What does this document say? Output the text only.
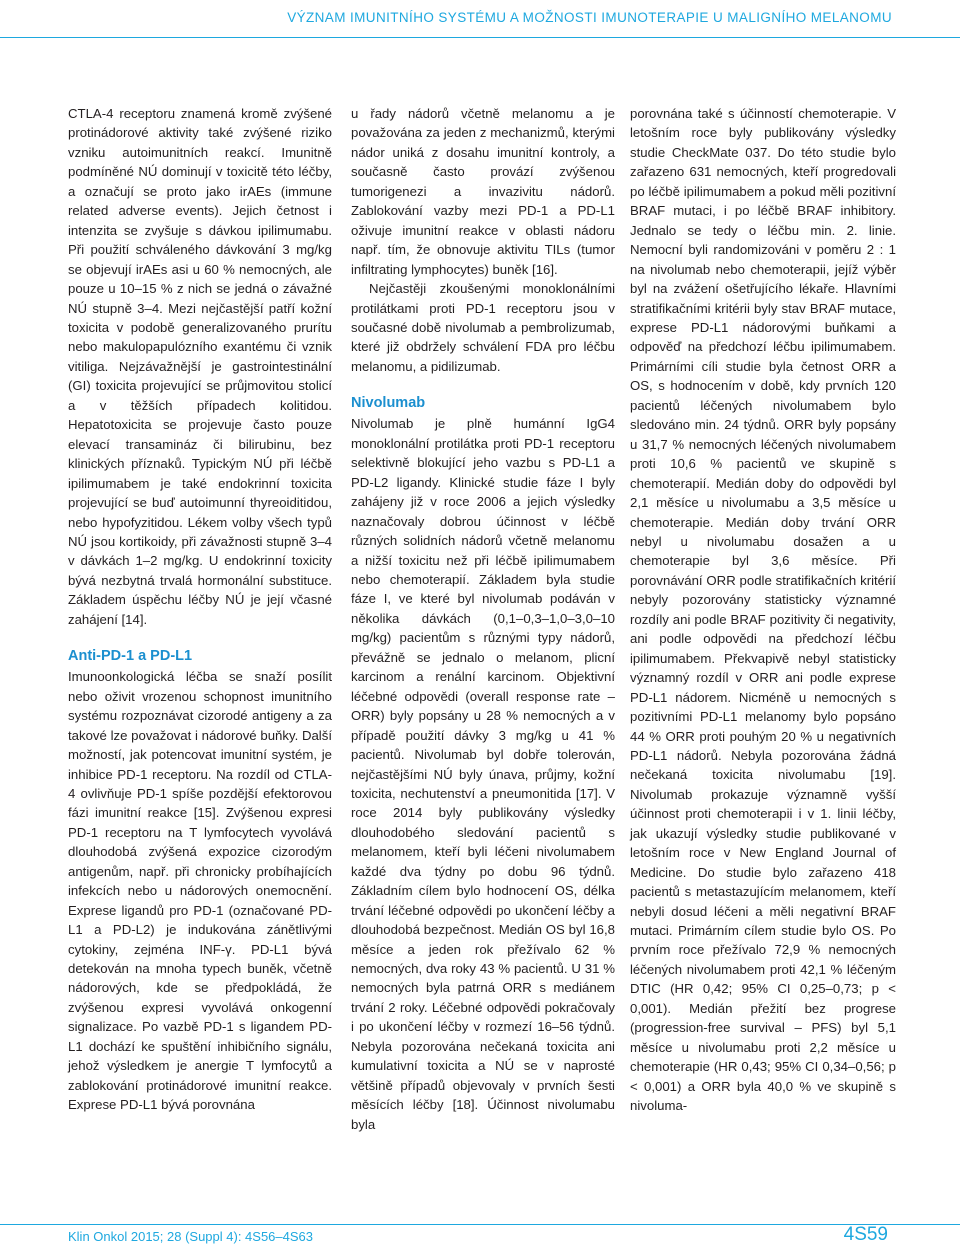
VÝZNAM IMUNITNÍHO SYSTÉMU A MOŽNOSTI IMUNOTERAPIE U MALIGNÍHO MELANOMU

CTLA-4 receptoru znamená kromě zvýšené protinádorové aktivity také zvýšené riziko vzniku autoimunitních reakcí. Imunitně podmíněné NÚ dominují v toxicitě této léčby, a označují se proto jako irAEs (immune related adverse events). Jejich četnost i intenzita se zvyšuje s dávkou ipilimumabu. Při použití schváleného dávkování 3 mg/kg se objevují irAEs asi u 60 % nemocných, ale pouze u 10–15 % z nich se jedná o závažné NÚ stupně 3–4. Mezi nejčastější patří kožní toxicita v podobě generalizovaného prurítu nebo makulopapulózního exantému či vznik vitiliga. Nejzávažnější je gastrointestinální (GI) toxicita projevující se průjmovitou stolicí a v těžších případech kolitidou. Hepatotoxicita se projevuje často pouze elevací transamináz či bilirubinu, bez klinických příznaků. Typickým NÚ při léčbě ipilimumabem je také endokrinní toxicita projevující se buď autoimunní thyreoiditidou, nebo hypofyzitidou. Lékem volby všech typů NÚ jsou kortikoidy, při závažnosti stupně 3–4 v dávkách 1–2 mg/kg. U endokrinní toxicity bývá nezbytná trvalá hormonální substituce. Základem úspěchu léčby NÚ je její včasné zahájení [14].

Anti-PD-1 a PD-L1

Imunoonkologická léčba se snaží posílit nebo oživit vrozenou schopnost imunitního systému rozpoznávat cizorodé antigeny a za takové lze považovat i nádorové buňky. Další možností, jak potencovat imunitní systém, je inhibice PD-1 receptoru. Na rozdíl od CTLA-4 ovlivňuje PD-1 spíše pozdější efektorovou fázi imunitní reakce [15]. Zvýšenou expresi PD-1 receptoru na T lymfocytech vyvolává dlouhodobá zvýšená expozice cizorodým antigenům, např. při chronicky probíhajících infekcích nebo u nádorových onemocnění. Exprese ligandů pro PD-1 (označované PD-L1 a PD-L2) je indukována zánětlivými cytokiny, zejména INF-γ. PD-L1 bývá detekován na mnoha typech buněk, včetně nádorových, kde se předpokládá, že zvýšenou expresi vyvolává onkogenní signalizace. Po vazbě PD-1 s ligandem PD-L1 dochází ke spuštění inhibičního signálu, jehož výsledkem je anergie T lymfocytů a zablokování protinádorové imunitní reakce. Exprese PD-L1 bývá porovnána

u řady nádorů včetně melanomu a je považována za jeden z mechanizmů, kterými nádor uniká z dosahu imunitní kontroly, a současně často provází zvýšenou tumorigenezi a invazivitu nádorů. Zablokování vazby mezi PD-1 a PD-L1 oživuje imunitní reakce v oblasti nádoru např. tím, že obnovuje aktivitu TILs (tumor infiltrating lymphocytes) buněk [16].

Nejčastěji zkoušenými monoklonálními protilátkami proti PD-1 receptoru jsou v současné době nivolumab a pembrolizumab, které již obdržely schválení FDA pro léčbu melanomu, a pidilizumab.

Nivolumab

Nivolumab je plně humánní IgG4 monoklonální protilátka proti PD-1 receptoru selektivně blokující jeho vazbu s PD-L1 a PD-L2 ligandy. Klinické studie fáze I byly zahájeny již v roce 2006 a jejich výsledky naznačovaly dobrou účinnost v léčbě různých solidních nádorů včetně melanomu a nižší toxicitu než při léčbě ipilimumabem nebo chemoterapií. Základem byla studie fáze I, ve které byl nivolumab podáván v několika dávkách (0,1–0,3–1,0–3,0–10 mg/kg) pacientům s různými typy nádorů, převážně se jednalo o melanom, plicní karcinom a renální karcinom. Objektivní léčebné odpovědi (overall response rate – ORR) byly popsány u 28 % nemocných a v případě použití dávky 3 mg/kg u 41 % pacientů. Nivolumab byl dobře tolerován, nejčastějšími NÚ byly únava, průjmy, kožní toxicita, nechutenství a pneumonitida [17]. V roce 2014 byly publikovány výsledky dlouhodobého sledování pacientů s melanomem, kteří byli léčeni nivolumabem každé dva týdny po dobu 96 týdnů. Základním cílem bylo hodnocení OS, délka trvání léčebné odpovědi po ukončení léčby a dlouhodobá bezpečnost. Medián OS byl 16,8 měsíce a jeden rok přežívalo 62 % nemocných, dva roky 43 % pacientů. U 31 % nemocných byla patrná ORR s mediánem trvání 2 roky. Léčebné odpovědi pokračovaly i po ukončení léčby v rozmezí 16–56 týdnů. Nebyla pozorována nečekaná toxicita ani kumulativní toxicita a NÚ se v naprosté většině případů objevovaly v prvních šesti měsících léčby [18]. Účinnost nivolumabu byla

porovnána také s účinností chemoterapie. V letošním roce byly publikovány výsledky studie CheckMate 037. Do této studie bylo zařazeno 631 nemocných, kteří progredovali po léčbě ipilimumabem a pokud měli pozitivní BRAF mutaci, i po léčbě BRAF inhibitory. Jednalo se tedy o léčbu min. 2. linie. Nemocní byli randomizováni v poměru 2 : 1 na nivolumab nebo chemoterapii, jejíž výběr byl na zvážení ošetřujícího lékaře. Hlavními stratifikačními kritérii byly stav BRAF mutace, exprese PD-L1 nádorovými buňkami a odpověď na předchozí léčbu ipilimumabem. Primárními cíli studie byla četnost ORR a OS, s hodnocením v době, kdy prvních 120 pacientů léčených nivolumabem bylo sledováno min. 24 týdnů. ORR byly popsány u 31,7 % nemocných léčených nivolumabem proti 10,6 % pacientů ve skupině s chemoterapií. Medián doby do odpovědi byl 2,1 měsíce u nivolumabu a 3,5 měsíce u chemoterapie. Medián doby trvání ORR nebyl u nivolumabu dosažen a u chemoterapie byl 3,6 měsíce. Při porovnávání ORR podle stratifikačních kritérií nebyly pozorovány statisticky významné rozdíly ani podle BRAF pozitivity či negativity, ani podle odpovědi na předchozí léčbu ipilimumabem. Překvapivě nebyl statisticky významný rozdíl v ORR ani podle exprese PD-L1 nádorem. Nicméně u nemocných s pozitivními PD-L1 melanomy bylo popsáno 44 % ORR proti pouhým 20 % u negativních PD-L1 nádorů. Nebyla pozorována žádná nečekaná toxicita nivolumabu [19]. Nivolumab prokazuje významně vyšší účinnost proti chemoterapii i v 1. linii léčby, jak ukazují výsledky studie publikované v letošním roce v New England Journal of Medicine. Do studie bylo zařazeno 418 pacientů s metastazujícím melanomem, kteří nebyli dosud léčeni a měli negativní BRAF mutaci. Primárním cílem studie bylo OS. Po prvním roce přežívalo 72,9 % nemocných léčených nivolumabem proti 42,1 % léčeným DTIC (HR 0,42; 95% CI 0,25–0,73; p < 0,001). Medián přežití bez progrese (progression-free survival – PFS) byl 5,1 měsíce u nivolumabu proti 2,2 měsíce u chemoterapie (HR 0,43; 95% CI 0,34–0,56; p < 0,001) a ORR byla 40,0 % ve skupině s nivoluma-

Klin Onkol 2015; 28 (Suppl 4): 4S56–4S63	4S59
